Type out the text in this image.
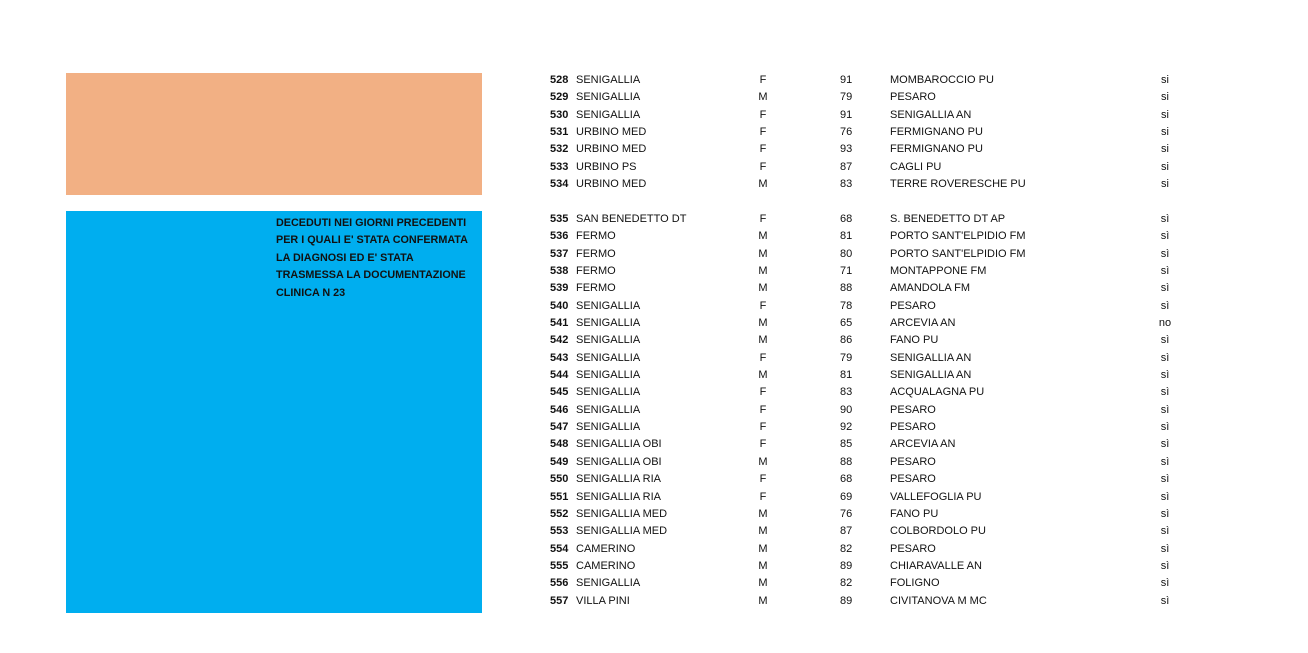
DECEDUTI NEI GIORNI PRECEDENTI
PER I QUALI E' STATA CONFERMATA
LA DIAGNOSI ED E' STATA
TRASMESSA LA DOCUMENTAZIONE
CLINICA N 23
528 SENIGALLIA	F	91	MOMBAROCCIO PU	si
529 SENIGALLIA	M	79	PESARO	si
530 SENIGALLIA	F	91	SENIGALLIA AN	si
531 URBINO MED	F	76	FERMIGNANO PU	si
532 URBINO MED	F	93	FERMIGNANO PU	si
533 URBINO PS	F	87	CAGLI PU	si
534 URBINO MED	M	83	TERRE ROVERESCHE PU	si
535 SAN BENEDETTO DT	F	68	S. BENEDETTO DT AP	sì
536 FERMO	M	81	PORTO SANT'ELPIDIO FM	sì
537 FERMO	M	80	PORTO SANT'ELPIDIO FM	sì
538 FERMO	M	71	MONTAPPONE FM	sì
539 FERMO	M	88	AMANDOLA FM	sì
540 SENIGALLIA	F	78	PESARO	sì
541 SENIGALLIA	M	65	ARCEVIA AN	no
542 SENIGALLIA	M	86	FANO PU	sì
543 SENIGALLIA	F	79	SENIGALLIA AN	sì
544 SENIGALLIA	M	81	SENIGALLIA AN	sì
545 SENIGALLIA	F	83	ACQUALAGNA PU	sì
546 SENIGALLIA	F	90	PESARO	sì
547 SENIGALLIA	F	92	PESARO	sì
548 SENIGALLIA OBI	F	85	ARCEVIA AN	sì
549 SENIGALLIA OBI	M	88	PESARO	sì
550 SENIGALLIA RIA	F	68	PESARO	sì
551 SENIGALLIA RIA	F	69	VALLEFOGLIA PU	sì
552 SENIGALLIA MED	M	76	FANO PU	sì
553 SENIGALLIA MED	M	87	COLBORDOLO PU	sì
554 CAMERINO	M	82	PESARO	sì
555 CAMERINO	M	89	CHIARAVALLE AN	sì
556 SENIGALLIA	M	82	FOLIGNO	sì
557 VILLA PINI	M	89	CIVITANOVA M MC	sì
